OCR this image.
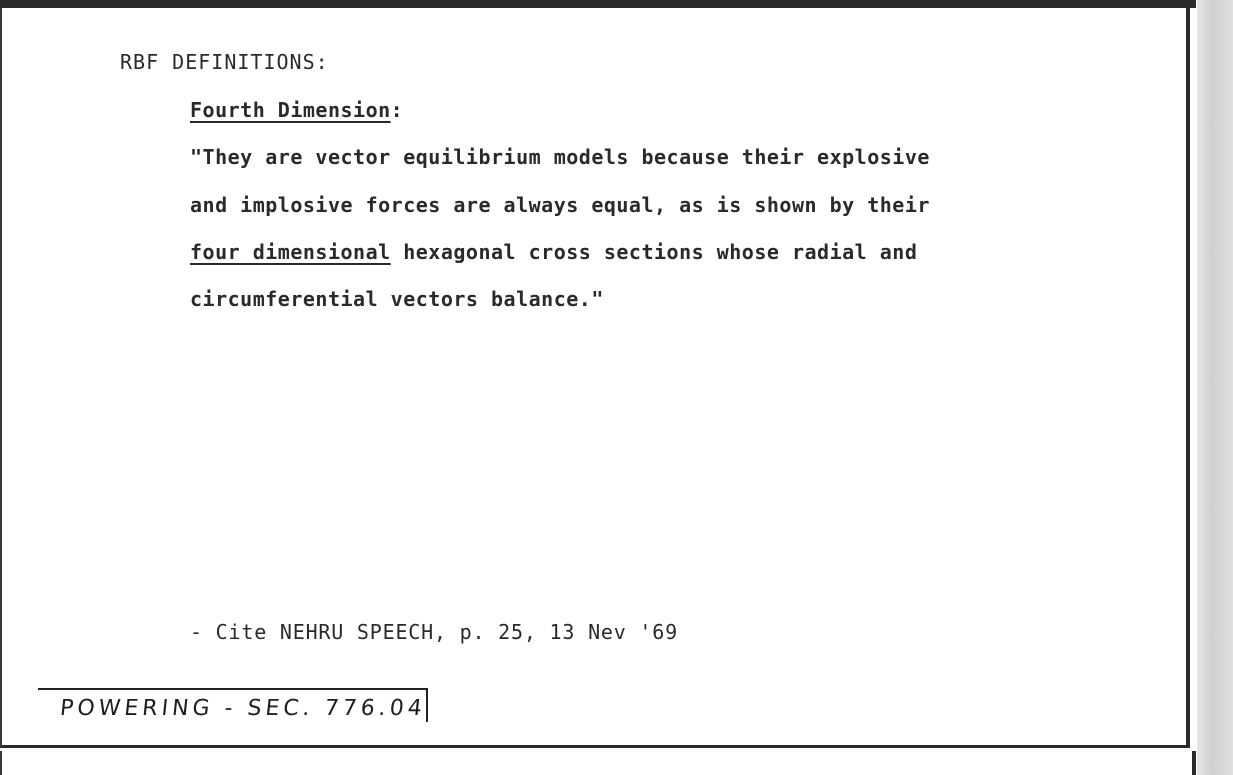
RBF DEFINITIONS:

Fourth Dimension:

"They are vector equilibrium models because their explosive

and implosive forces are always equal, as is shown by their

four dimensional hexagonal cross sections whose radial and

circumferential vectors balance."

- Cite NEHRU SPEECH, p. 25, 13 Nev '69

POWERING - SEC. 776.04
